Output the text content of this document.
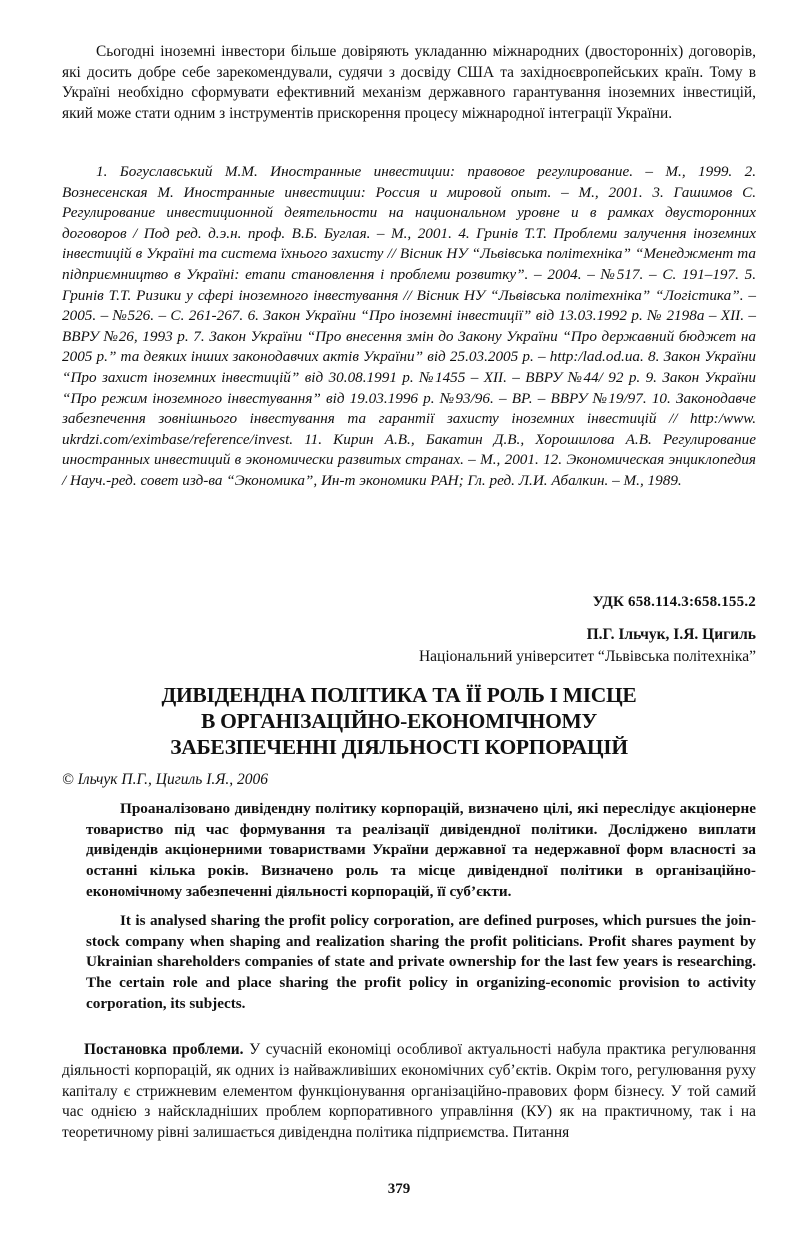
Сьогодні іноземні інвестори більше довіряють укладанню міжнародних (двосторонніх) договорів, які досить добре себе зарекомендували, судячи з досвіду США та західноєвропейських країн. Тому в Україні необхідно сформувати ефективний механізм державного гарантування іноземних інвестицій, який може стати одним з інструментів прискорення процесу міжнародної інтеграції України.

1. Богуславський М.М. Иностранные инвестиции: правовое регулирование. – М., 1999. 2. Вознесенская М. Иностранные инвестиции: Россия и мировой опыт. – М., 2001. 3. Гашимов С. Регулирование инвестиционной деятельности на национальном уровне и в рамках двусторонних договоров / Под ред. д.э.н. проф. В.Б. Буглая. – М., 2001. 4. Гринів Т.Т. Проблеми залучення іноземних інвестицій в Україні та система їхнього захисту // Вісник НУ “Львівська політехніка” “Менеджмент та підприємництво в Україні: етапи становлення і проблеми розвитку”. – 2004. – №517. – С. 191–197. 5. Гринів Т.Т. Ризики у сфері іноземного інвестування // Вісник НУ “Львівська політехніка” “Логістика”. – 2005. – №526. – С. 261-267. 6. Закон України “Про іноземні інвестиції” від 13.03.1992 р. № 2198а – ХІІ. – ВВРУ №26, 1993 р. 7. Закон України “Про внесення змін до Закону України “Про державний бюджет на 2005 р.” та деяких інших законодавчих актів України” від 25.03.2005 р. – http:/lad.od.ua. 8. Закон України “Про захист іноземних інвестицій” від 30.08.1991 р. №1455 – ХІІ. – ВВРУ №44/ 92 р. 9. Закон України “Про режим іноземного інвестування” від 19.03.1996 р. №93/96. – ВР. – ВВРУ №19/97. 10. Законодавче забезпечення зовнішнього інвестування та гарантії захисту іноземних інвестицій // http:/www. ukrdzi.com/eximbase/reference/invest. 11. Кирин А.В., Бакатин Д.В., Хорошилова А.В. Регулирование иностранных инвестиций в экономически развитых странах. – М., 2001. 12. Экономическая энциклопедия / Науч.-ред. совет изд-ва “Экономика”, Ин-т экономики РАН; Гл. ред. Л.И. Абалкин. – М., 1989.

УДК 658.114.3:658.155.2
П.Г. Ільчук, І.Я. Цигиль
Національний університет “Львівська політехніка”
ДИВІДЕНДНА ПОЛІТИКА ТА ЇЇ РОЛЬ І МІСЦЕ
В ОРГАНІЗАЦІЙНО-ЕКОНОМІЧНОМУ
ЗАБЕЗПЕЧЕННІ ДІЯЛЬНОСТІ КОРПОРАЦІЙ
© Ільчук П.Г., Цигиль І.Я., 2006

Проаналізовано дивідендну політику корпорацій, визначено цілі, які переслідує акціонерне товариство під час формування та реалізації дивідендної політики. Досліджено виплати дивідендів акціонерними товариствами України державної та недержавної форм власності за останні кілька років. Визначено роль та місце дивідендної політики в організаційно-економічному забезпеченні діяльності корпорацій, її суб’єкти.

It is analysed sharing the profit policy corporation, are defined purposes, which pursues the join-stock company when shaping and realization sharing the profit politicians. Profit shares payment by Ukrainian shareholders companies of state and private ownership for the last few years is researching. The certain role and place sharing the profit policy in organizing-economic provision to activity corporation, its subjects.

Постановка проблеми. У сучасній економіці особливої актуальності набула практика регулювання діяльності корпорацій, як одних із найважливіших економічних суб’єктів. Окрім того, регулювання руху капіталу є стрижневим елементом функціонування організаційно-правових форм бізнесу. У той самий час однією з найскладніших проблем корпоративного управління (КУ) як на практичному, так і на теоретичному рівні залишається дивідендна політика підприємства. Питання

379
